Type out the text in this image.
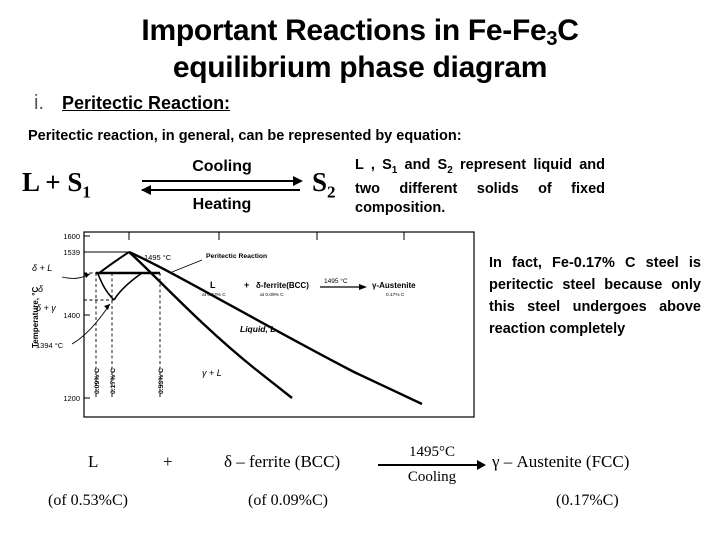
Important Reactions in $Fe-Fe_3C$
equilibrium phase diagram
i. Peritectic Reaction:
Peritectic reaction, in general, can be represented by equation:
$L + S_1$
Cooling
Heating
$S_2$
L , $S_1$ and $S_2$ represent liquid and two different solids of fixed composition.
1600
1539
1400
1200
Temperature, °C
δ + L
δ
δ + γ
Liquid, L
γ + L
1495 °C
1394 °C
Peritectic Reaction
0.09% C 0.17% C	0.53% C
L
at 0.53% C
+ δ-ferrite(BCC)
at 0.09% C
1495 °C	γ-Austenite
0.17% C
In fact, Fe-0.17% C steel is peritectic steel because only this steel undergoes above reaction completely
L	+	δ – ferrite (BCC)	1495°C
Cooling
γ – Austenite (FCC)
(of 0.53%C)	(of 0.09%C)	(0.17%C)
